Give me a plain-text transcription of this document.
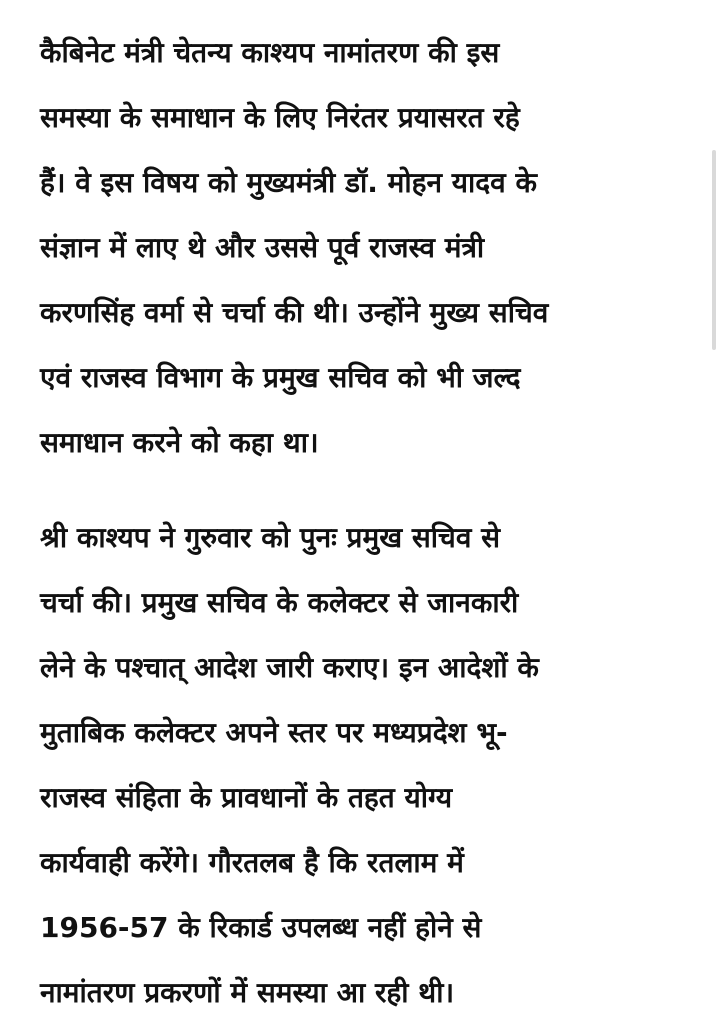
कैबिनेट मंत्री चेतन्य काश्यप नामांतरण की इस
समस्या के समाधान के लिए निरंतर प्रयासरत रहे
हैं। वे इस विषय को मुख्यमंत्री डॉ. मोहन यादव के
संज्ञान में लाए थे और उससे पूर्व राजस्व मंत्री
करणसिंह वर्मा से चर्चा की थी। उन्होंने मुख्य सचिव
एवं राजस्व विभाग के प्रमुख सचिव को भी जल्द
समाधान करने को कहा था।

श्री काश्यप ने गुरुवार को पुनः प्रमुख सचिव से
चर्चा की। प्रमुख सचिव के कलेक्टर से जानकारी
लेने के पश्चात् आदेश जारी कराए। इन आदेशों के
मुताबिक कलेक्टर अपने स्तर पर मध्यप्रदेश भू-
राजस्व संहिता के प्रावधानों के तहत योग्य
कार्यवाही करेंगे। गौरतलब है कि रतलाम में
1956-57 के रिकार्ड उपलब्ध नहीं होने से
नामांतरण प्रकरणों में समस्या आ रही थी।
